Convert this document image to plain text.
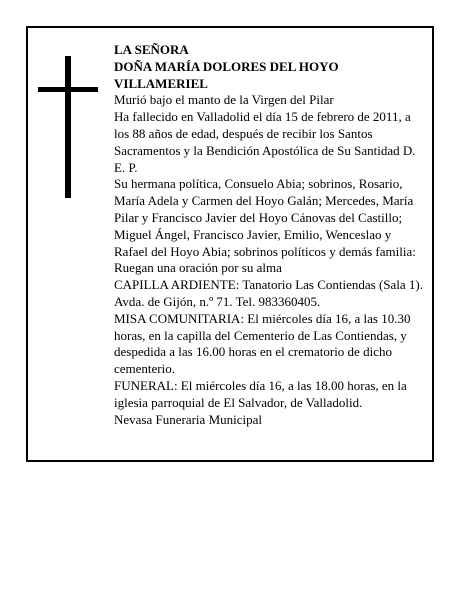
LA SEÑORA

DOÑA MARÍA DOLORES DEL HOYO

VILLAMERIEL

Murió bajo el manto de la Virgen del Pilar

Ha fallecido en Valladolid el día 15 de febrero de 2011, a los 88 años de edad, después de recibir los Santos Sacramentos y la Bendición Apostólica de Su Santidad D. E. P.

Su hermana política, Consuelo Abia; sobrinos, Rosario, María Adela y Carmen del Hoyo Galán; Mercedes, María Pilar y Francisco Javier del Hoyo Cánovas del Castillo; Miguel Ángel, Francisco Javier, Emilio, Wenceslao y Rafael del Hoyo Abia; sobrinos políticos y demás familia:

Ruegan una oración por su alma

CAPILLA ARDIENTE: Tanatorio Las Contiendas (Sala 1). Avda. de Gijón, n.º 71. Tel. 983360405.

MISA COMUNITARIA: El miércoles día 16, a las 10.30 horas, en la capilla del Cementerio de Las Contiendas, y despedida a las 16.00 horas en el crematorio de dicho cementerio.

FUNERAL: El miércoles día 16, a las 18.00 horas, en la iglesia parroquial de El Salvador, de Valladolid.

Nevasa Funeraria Municipal
